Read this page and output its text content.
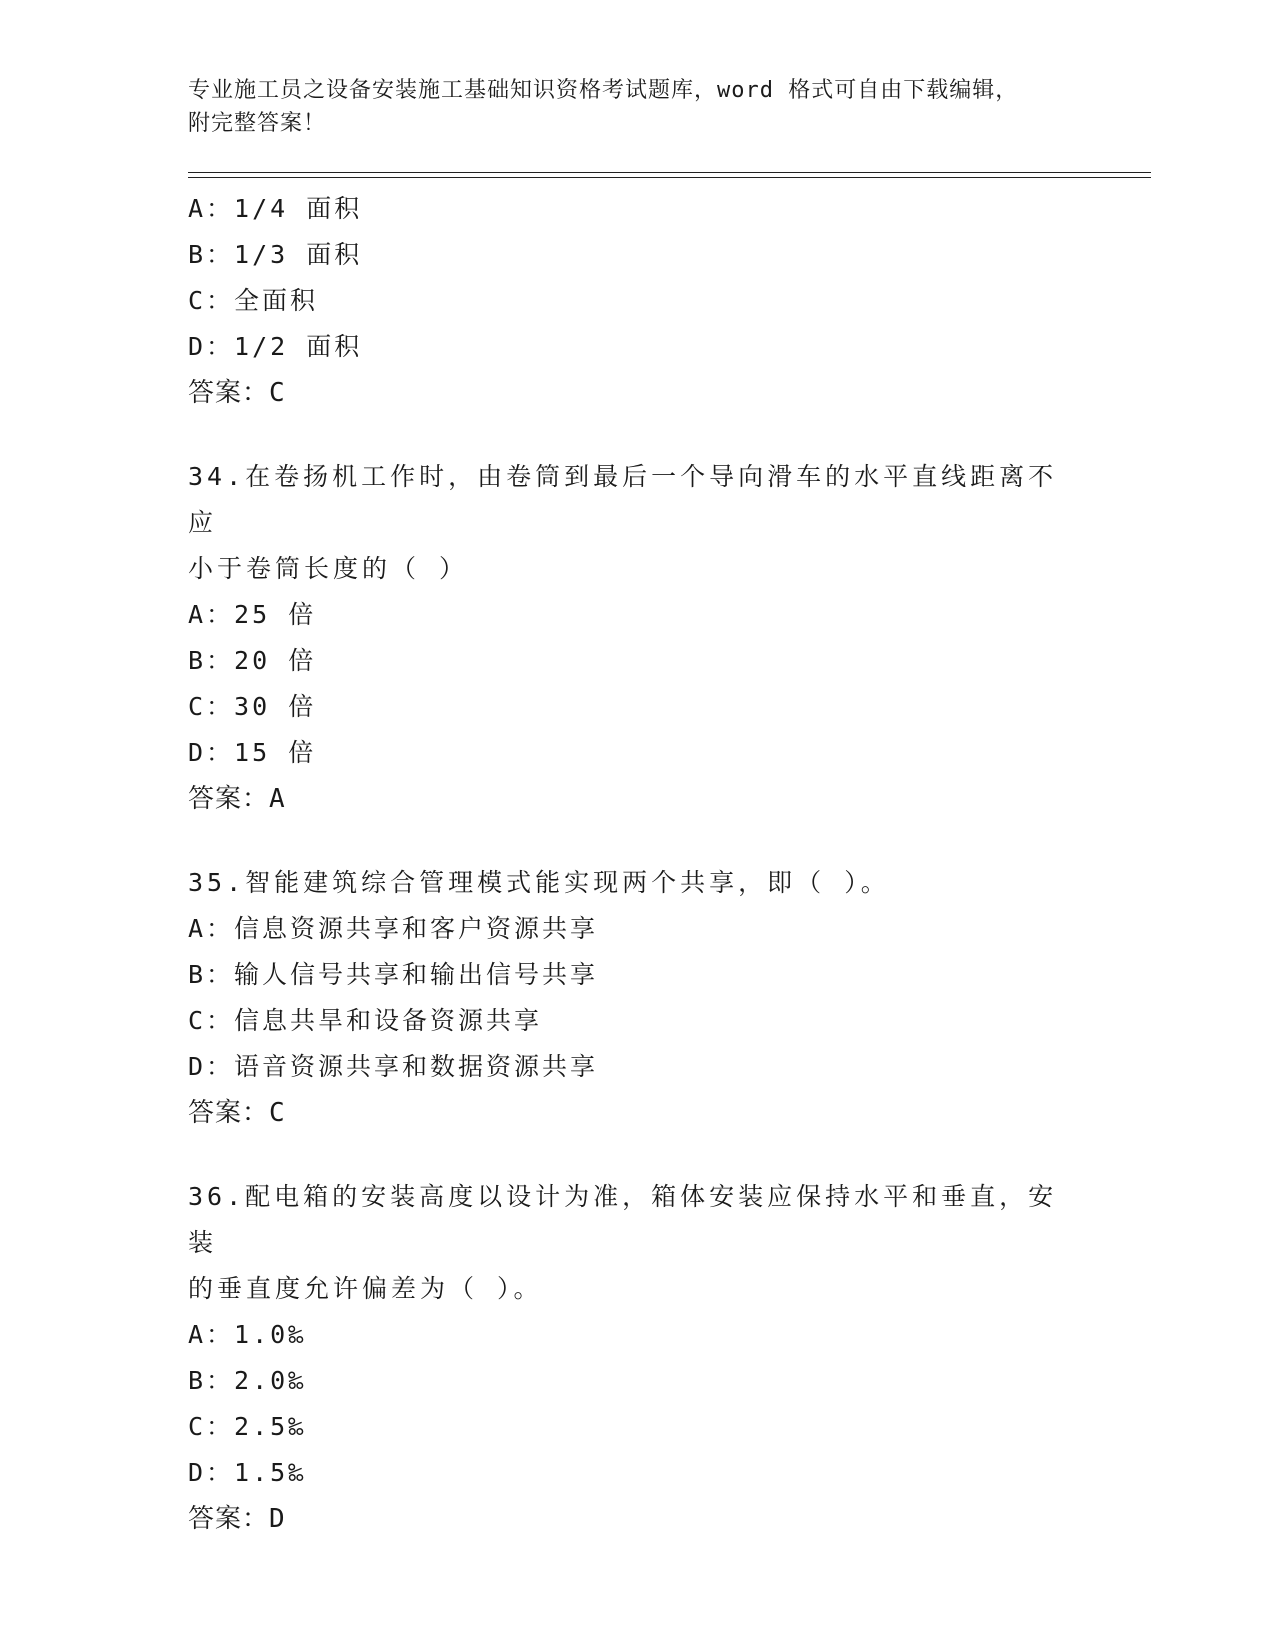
专业施工员之设备安装施工基础知识资格考试题库，word 格式可自由下载编辑，
附完整答案！
A：1/4 面积
B：1/3 面积
C：全面积
D：1/2 面积
答案：C
34.在卷扬机工作时，由卷筒到最后一个导向滑车的水平直线距离不应
小于卷筒长度的（ ）
A：25 倍
B：20 倍
C：30 倍
D：15 倍
答案：A
35.智能建筑综合管理模式能实现两个共享，即（ ）。
A：信息资源共享和客户资源共享
B：输人信号共享和输出信号共享
C：信息共旱和设备资源共享
D：语音资源共享和数据资源共享
答案：C
36.配电箱的安装高度以设计为准，箱体安装应保持水平和垂直，安装
的垂直度允许偏差为（ ）。
A：1.0‰
B：2.0‰
C：2.5‰
D：1.5‰
答案：D
